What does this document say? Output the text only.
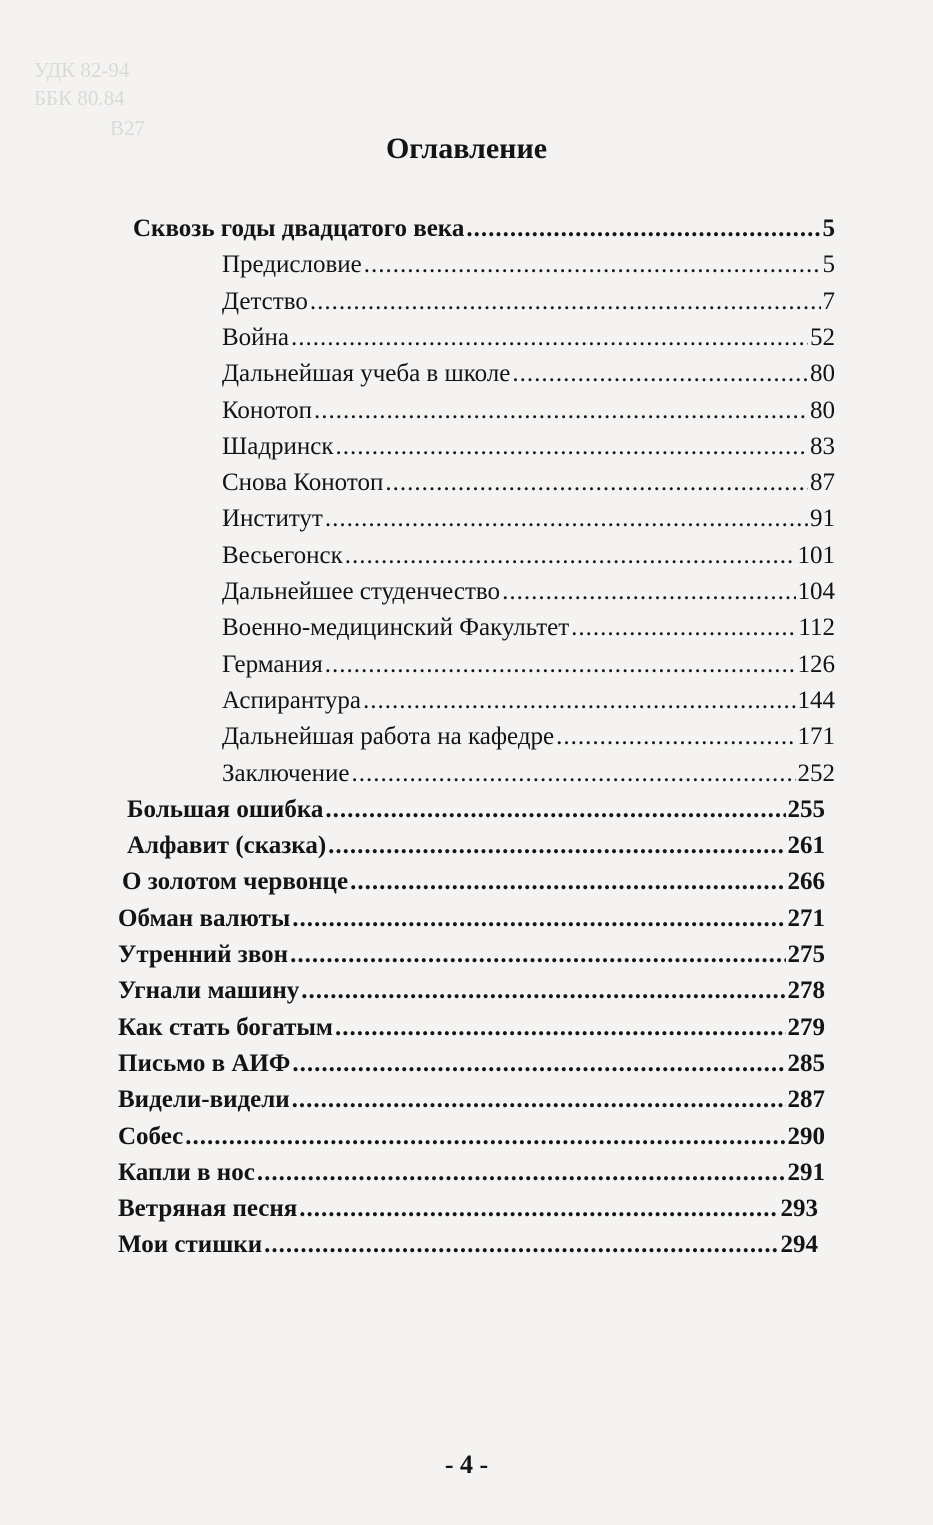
УДК 82-94
ББК 80.84
В27
Оглавление
Сквозь годы двадцатого века .....	5
Предисловие .....	5
Детство .....	7
Война .....	52
Дальнейшая учеба в школе .....	80
Конотоп .....	80
Шадринск .....	83
Снова Конотоп .....	87
Институт .....	91
Весьегонск .....	101
Дальнейшее студенчество .....	104
Военно-медицинский Факультет .....	112
Германия .....	126
Аспирантура .....	144
Дальнейшая работа на кафедре .....	171
Заключение .....	252
Большая ошибка .....	255
Алфавит (сказка) .....	261
О золотом червонце .....	266
Обман валюты .....	271
Утренний звон .....	275
Угнали машину .....	278
Как стать богатым .....	279
Письмо в АИФ .....	285
Видели-видели .....	287
Собес .....	290
Капли в нос .....	291
Ветряная песня .....	293
Мои стишки .....	294
- 4 -
